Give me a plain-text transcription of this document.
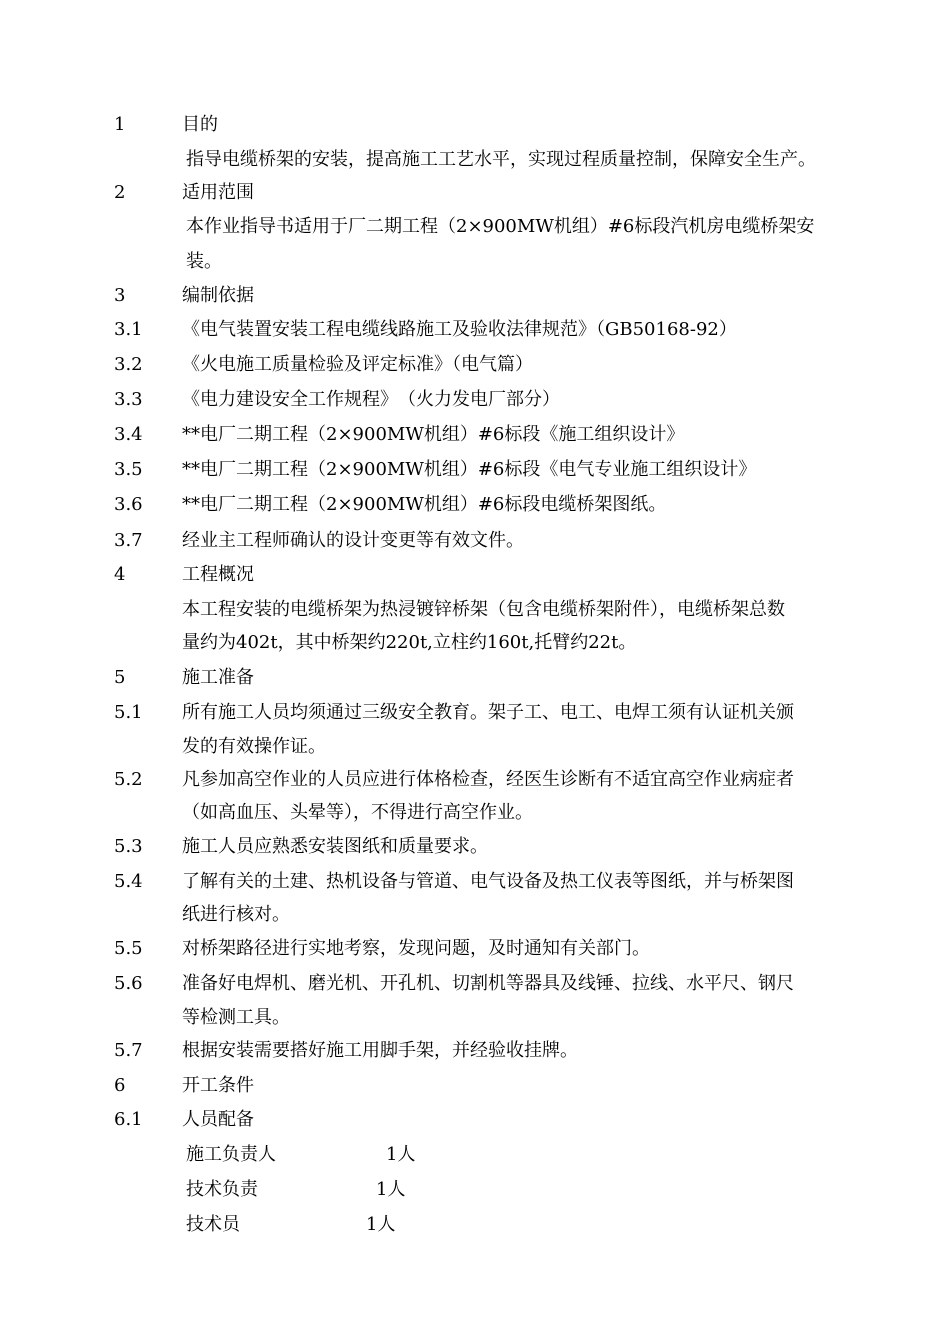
1	目的
指导电缆桥架的安装，提高施工工艺水平，实现过程质量控制，保障安全生产。
2	适用范围
本作业指导书适用于厂二期工程（2×900MW机组）#6标段汽机房电缆桥架安
装。
3	编制依据
3.1 《电气装置安装工程电缆线路施工及验收法律规范》（GB50168-92）
3.2 《火电施工质量检验及评定标准》（电气篇）
3.3 《电力建设安全工作规程》　（火力发电厂部分）
3.4 **电厂二期工程（2×900MW机组）#6标段《施工组织设计》
3.5 **电厂二期工程（2×900MW机组）#6标段《电气专业施工组织设计》
3.6 **电厂二期工程（2×900MW机组）#6标段电缆桥架图纸。
3.7 经业主工程师确认的设计变更等有效文件。
4	工程概况
本工程安装的电缆桥架为热浸镀锌桥架（包含电缆桥架附件），电缆桥架总数
量约为402t，其中桥架约220t,立柱约160t,托臂约22t。
5	施工准备
5.1 所有施工人员均须通过三级安全教育。架子工、电工、电焊工须有认证机关颁
发的有效操作证。
5.2 凡参加高空作业的人员应进行体格检查，经医生诊断有不适宜高空作业病症者
（如高血压、头晕等），不得进行高空作业。
5.3 施工人员应熟悉安装图纸和质量要求。
5.4 了解有关的土建、热机设备与管道、电气设备及热工仪表等图纸，并与桥架图
纸进行核对。
5.5 对桥架路径进行实地考察，发现问题，及时通知有关部门。
5.6 准备好电焊机、磨光机、开孔机、切割机等器具及线锤、拉线、水平尺、钢尺
等检测工具。
5.7 根据安装需要搭好施工用脚手架，并经验收挂牌。
6	开工条件
6.1 人员配备
施工负责人	1人
技术负责	1人
技术员	1人
